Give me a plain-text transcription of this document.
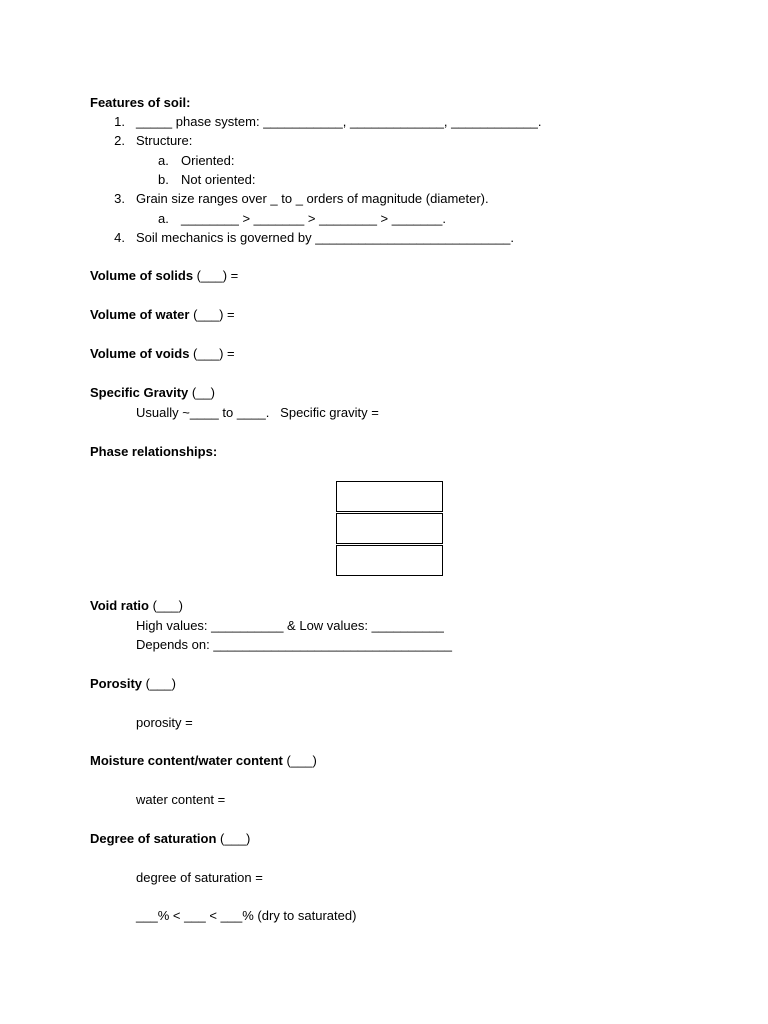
Features of soil:
1. _____ phase system: ___________, _____________, ____________.
2. Structure:
a. Oriented:
b. Not oriented:
3. Grain size ranges over _ to _ orders of magnitude (diameter).
a. ________ > _______ > ________ > _______.
4. Soil mechanics is governed by ___________________________.
Volume of solids (___) =
Volume of water (___) =
Volume of voids (___) =
Specific Gravity (__)
Usually ~____ to ____.   Specific gravity =
Phase relationships:
Void ratio (___)
High values: __________ & Low values: __________
Depends on: _________________________________
Porosity (___)
porosity =
Moisture content/water content (___)
water content =
Degree of saturation (___)
degree of saturation =
___% < ___ < ___% (dry to saturated)
